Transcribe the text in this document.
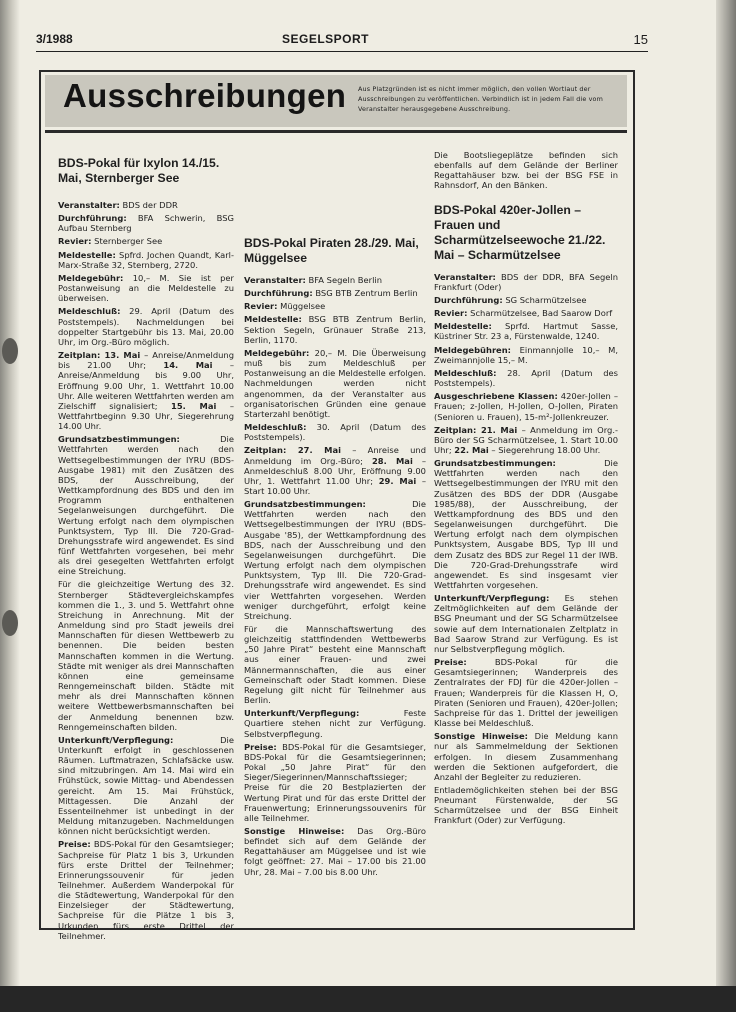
3/1988	SEGELSPORT	15
Ausschreibungen Aus Platzgründen ist es nicht immer möglich, den vollen Wortlaut der Ausschreibungen zu veröffentlichen. Verbindlich ist in jedem Fall die vom Veranstalter herausgegebene Ausschreibung.

BDS-Pokal für Ixylon 14./15. Mai, Sternberger See

Veranstalter: BDS der DDR

Durchführung: BFA Schwerin, BSG Aufbau Sternberg

Revier: Sternberger See

Meldestelle: Spfrd. Jochen Quandt, Karl-Marx-Straße 32, Sternberg, 2720.

Meldegebühr: 10,– M. Sie ist per Postanweisung an die Meldestelle zu überweisen.

Meldeschluß: 29. April (Datum des Poststempels). Nachmeldungen bei doppelter Startgebühr bis 13. Mai, 20.00 Uhr, im Org.-Büro möglich.

Zeitplan: 13. Mai – Anreise/Anmeldung bis 21.00 Uhr; 14. Mai – Anreise/Anmeldung bis 9.00 Uhr, Eröffnung 9.00 Uhr, 1. Wettfahrt 10.00 Uhr. Alle weiteren Wettfahrten werden am Zielschiff signalisiert; 15. Mai – Wettfahrtbeginn 9.30 Uhr, Siegerehrung 14.00 Uhr.

Grundsatzbestimmungen: Die Wettfahrten werden nach den Wettsegelbestimmungen der IYRU (BDS-Ausgabe 1981) mit den Zusätzen des BDS, der Ausschreibung, der Wettkampfordnung des BDS und den im Programm enthaltenen Segelanweisungen durchgeführt. Die Wertung erfolgt nach dem olympischen Punktsystem, Typ III. Die 720-Grad-Drehungsstrafe wird angewendet. Es sind fünf Wettfahrten vorgesehen, bei mehr als drei gesegelten Wettfahrten erfolgt eine Streichung.

Für die gleichzeitige Wertung des 32. Sternberger Städtevergleichskampfes kommen die 1., 3. und 5. Wettfahrt ohne Streichung in Anrechnung. Mit der Anmeldung sind pro Stadt jeweils drei Mannschaften für diesen Wettbewerb zu benennen. Die beiden besten Mannschaften kommen in die Wertung. Städte mit weniger als drei Mannschaften können eine gemeinsame Renngemeinschaft bilden. Städte mit mehr als drei Mannschaften können weitere Wettbewerbsmannschaften bei der Anmeldung benennen bzw. Renngemeinschaften bilden.

Unterkunft/Verpflegung: Die Unterkunft erfolgt in geschlossenen Räumen. Luftmatrazen, Schlafsäcke usw. sind mitzubringen. Am 14. Mai wird ein Frühstück, sowie Mittag- und Abendessen gereicht. Am 15. Mai Frühstück, Mittagessen. Die Anzahl der Essenteilnehmer ist unbedingt in der Meldung mitanzugeben. Nachmeldungen können nicht berücksichtigt werden.

Preise: BDS-Pokal für den Gesamtsieger; Sachpreise für Platz 1 bis 3, Urkunden fürs erste Drittel der Teilnehmer; Erinnerungssouvenir für jeden Teilnehmer. Außerdem Wanderpokal für die Städtewertung, Wanderpokal für den Einzelsieger der Städtewertung, Sachpreise für die Plätze 1 bis 3, Urkunden fürs erste Drittel der Teilnehmer.

BDS-Pokal Piraten 28./29. Mai, Müggelsee

Veranstalter: BFA Segeln Berlin

Durchführung: BSG BTB Zentrum Berlin

Revier: Müggelsee

Meldestelle: BSG BTB Zentrum Berlin, Sektion Segeln, Grünauer Straße 213, Berlin, 1170.

Meldegebühr: 20,– M. Die Überweisung muß bis zum Meldeschluß per Postanweisung an die Meldestelle erfolgen. Nachmeldungen werden nicht angenommen, da der Veranstalter aus organisatorischen Gründen eine genaue Starterzahl benötigt.

Meldeschluß: 30. April (Datum des Poststempels).

Zeitplan: 27. Mai – Anreise und Anmeldung im Org.-Büro; 28. Mai – Anmeldeschluß 8.00 Uhr, Eröffnung 9.00 Uhr, 1. Wettfahrt 11.00 Uhr; 29. Mai – Start 10.00 Uhr.

Grundsatzbestimmungen: Die Wettfahrten werden nach den Wettsegelbestimmungen der IYRU (BDS-Ausgabe '85), der Wettkampfordnung des BDS, nach der Ausschreibung und den Segelanweisungen durchgeführt. Die Wertung erfolgt nach dem olympischen Punktsystem, Typ III. Die 720-Grad-Drehungsstrafe wird angewendet. Es sind vier Wettfahrten vorgesehen. Werden weniger durchgeführt, erfolgt keine Streichung.

Für die Mannschaftswertung des gleichzeitig stattfindenden Wettbewerbs „50 Jahre Pirat“ besteht eine Mannschaft aus einer Frauen- und zwei Männermannschaften, die aus einer Gemeinschaft oder Stadt kommen. Diese Regelung gilt nicht für Teilnehmer aus Berlin.

Unterkunft/Verpflegung: Feste Quartiere stehen nicht zur Verfügung. Selbstverpflegung.

Preise: BDS-Pokal für die Gesamtsieger, BDS-Pokal für die Gesamtsiegerinnen; Pokal „50 Jahre Pirat“ für den Sieger/Siegerinnen/Mannschaftssieger; Preise für die 20 Bestplazierten der Wertung Pirat und für das erste Drittel der Frauenwertung; Erinnerungssouvenirs für alle Teilnehmer.

Sonstige Hinweise: Das Org.-Büro befindet sich auf dem Gelände der Regattahäuser am Müggelsee und ist wie folgt geöffnet: 27. Mai – 17.00 bis 21.00 Uhr, 28. Mai – 7.00 bis 8.00 Uhr.

Die Bootsliegeplätze befinden sich ebenfalls auf dem Gelände der Berliner Regattahäuser bzw. bei der BSG FSE in Rahnsdorf, An den Bänken.

BDS-Pokal 420er-Jollen – Frauen und Scharmützelseewoche 21./22. Mai – Scharmützelsee

Veranstalter: BDS der DDR, BFA Segeln Frankfurt (Oder)

Durchführung: SG Scharmützelsee

Revier: Scharmützelsee, Bad Saarow Dorf

Meldestelle: Sprfd. Hartmut Sasse, Küstriner Str. 23 a, Fürstenwalde, 1240.

Meldegebühren: Einmannjolle 10,– M, Zweimannjolle 15,– M.

Meldeschluß: 28. April (Datum des Poststempels).

Ausgeschriebene Klassen: 420er-Jollen – Frauen; z-Jollen, H-Jollen, O-Jollen, Piraten (Senioren u. Frauen), 15-m²-Jollenkreuzer.

Zeitplan: 21. Mai – Anmeldung im Org.-Büro der SG Scharmützelsee, 1. Start 10.00 Uhr; 22. Mai – Siegerehrung 18.00 Uhr.

Grundsatzbestimmungen: Die Wettfahrten werden nach den Wettsegelbestimmungen der IYRU mit den Zusätzen des BDS der DDR (Ausgabe 1985/88), der Ausschreibung, der Wettkampfordnung des BDS und den Segelanweisungen durchgeführt. Die Wertung erfolgt nach dem olympischen Punktsystem, Ausgabe BDS, Typ III und dem Zusatz des BDS zur Regel 11 der IWB. Die 720-Grad-Drehungsstrafe wird angewendet. Es sind insgesamt vier Wettfahrten vorgesehen.

Unterkunft/Verpflegung: Es stehen Zeltmöglichkeiten auf dem Gelände der BSG Pneumant und der SG Scharmützelsee sowie auf dem Internationalen Zeltplatz in Bad Saarow Strand zur Verfügung. Es ist nur Selbstverpflegung möglich.

Preise: BDS-Pokal für die Gesamtsiegerinnen; Wanderpreis des Zentralrates der FDJ für die 420er-Jollen – Frauen; Wanderpreis für die Klassen H, O, Piraten (Senioren und Frauen), 420er-Jollen; Sachpreise für das 1. Drittel der jeweiligen Klasse bei Meldeschluß.

Sonstige Hinweise: Die Meldung kann nur als Sammelmeldung der Sektionen erfolgen. In diesem Zusammenhang werden die Sektionen aufgefordert, die Anzahl der Begleiter zu reduzieren.

Entlademöglichkeiten stehen bei der BSG Pneumant Fürstenwalde, der SG Scharmützelsee und der BSG Einheit Frankfurt (Oder) zur Verfügung.
